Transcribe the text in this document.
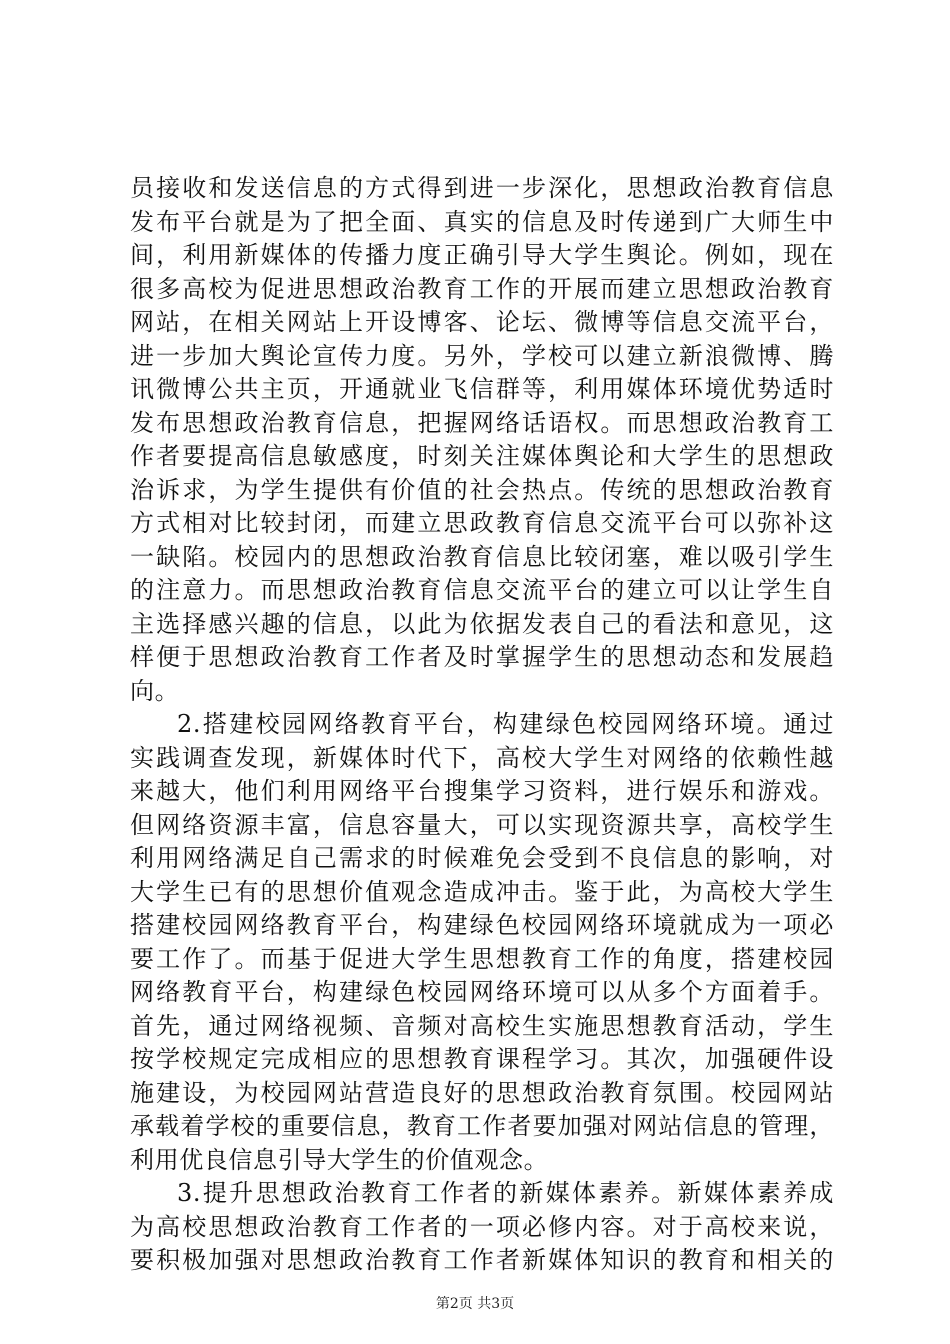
员接收和发送信息的方式得到进一步深化，思想政治教育信息
发布平台就是为了把全面、真实的信息及时传递到广大师生中
间，利用新媒体的传播力度正确引导大学生舆论。例如，现在
很多高校为促进思想政治教育工作的开展而建立思想政治教育
网站，在相关网站上开设博客、论坛、微博等信息交流平台，
进一步加大舆论宣传力度。另外，学校可以建立新浪微博、腾
讯微博公共主页，开通就业飞信群等，利用媒体环境优势适时
发布思想政治教育信息，把握网络话语权。而思想政治教育工
作者要提高信息敏感度，时刻关注媒体舆论和大学生的思想政
治诉求，为学生提供有价值的社会热点。传统的思想政治教育
方式相对比较封闭，而建立思政教育信息交流平台可以弥补这
一缺陷。校园内的思想政治教育信息比较闭塞，难以吸引学生
的注意力。而思想政治教育信息交流平台的建立可以让学生自
主选择感兴趣的信息，以此为依据发表自己的看法和意见，这
样便于思想政治教育工作者及时掌握学生的思想动态和发展趋
向。
2.搭建校园网络教育平台，构建绿色校园网络环境。通过
实践调查发现，新媒体时代下，高校大学生对网络的依赖性越
来越大，他们利用网络平台搜集学习资料，进行娱乐和游戏。
但网络资源丰富，信息容量大，可以实现资源共享，高校学生
利用网络满足自己需求的时候难免会受到不良信息的影响，对
大学生已有的思想价值观念造成冲击。鉴于此，为高校大学生
搭建校园网络教育平台，构建绿色校园网络环境就成为一项必
要工作了。而基于促进大学生思想教育工作的角度，搭建校园
网络教育平台，构建绿色校园网络环境可以从多个方面着手。
首先，通过网络视频、音频对高校生实施思想教育活动，学生
按学校规定完成相应的思想教育课程学习。其次，加强硬件设
施建设，为校园网站营造良好的思想政治教育氛围。校园网站
承载着学校的重要信息，教育工作者要加强对网站信息的管理，
利用优良信息引导大学生的价值观念。
3.提升思想政治教育工作者的新媒体素养。新媒体素养成
为高校思想政治教育工作者的一项必修内容。对于高校来说，
要积极加强对思想政治教育工作者新媒体知识的教育和相关的
第2页 共3页
